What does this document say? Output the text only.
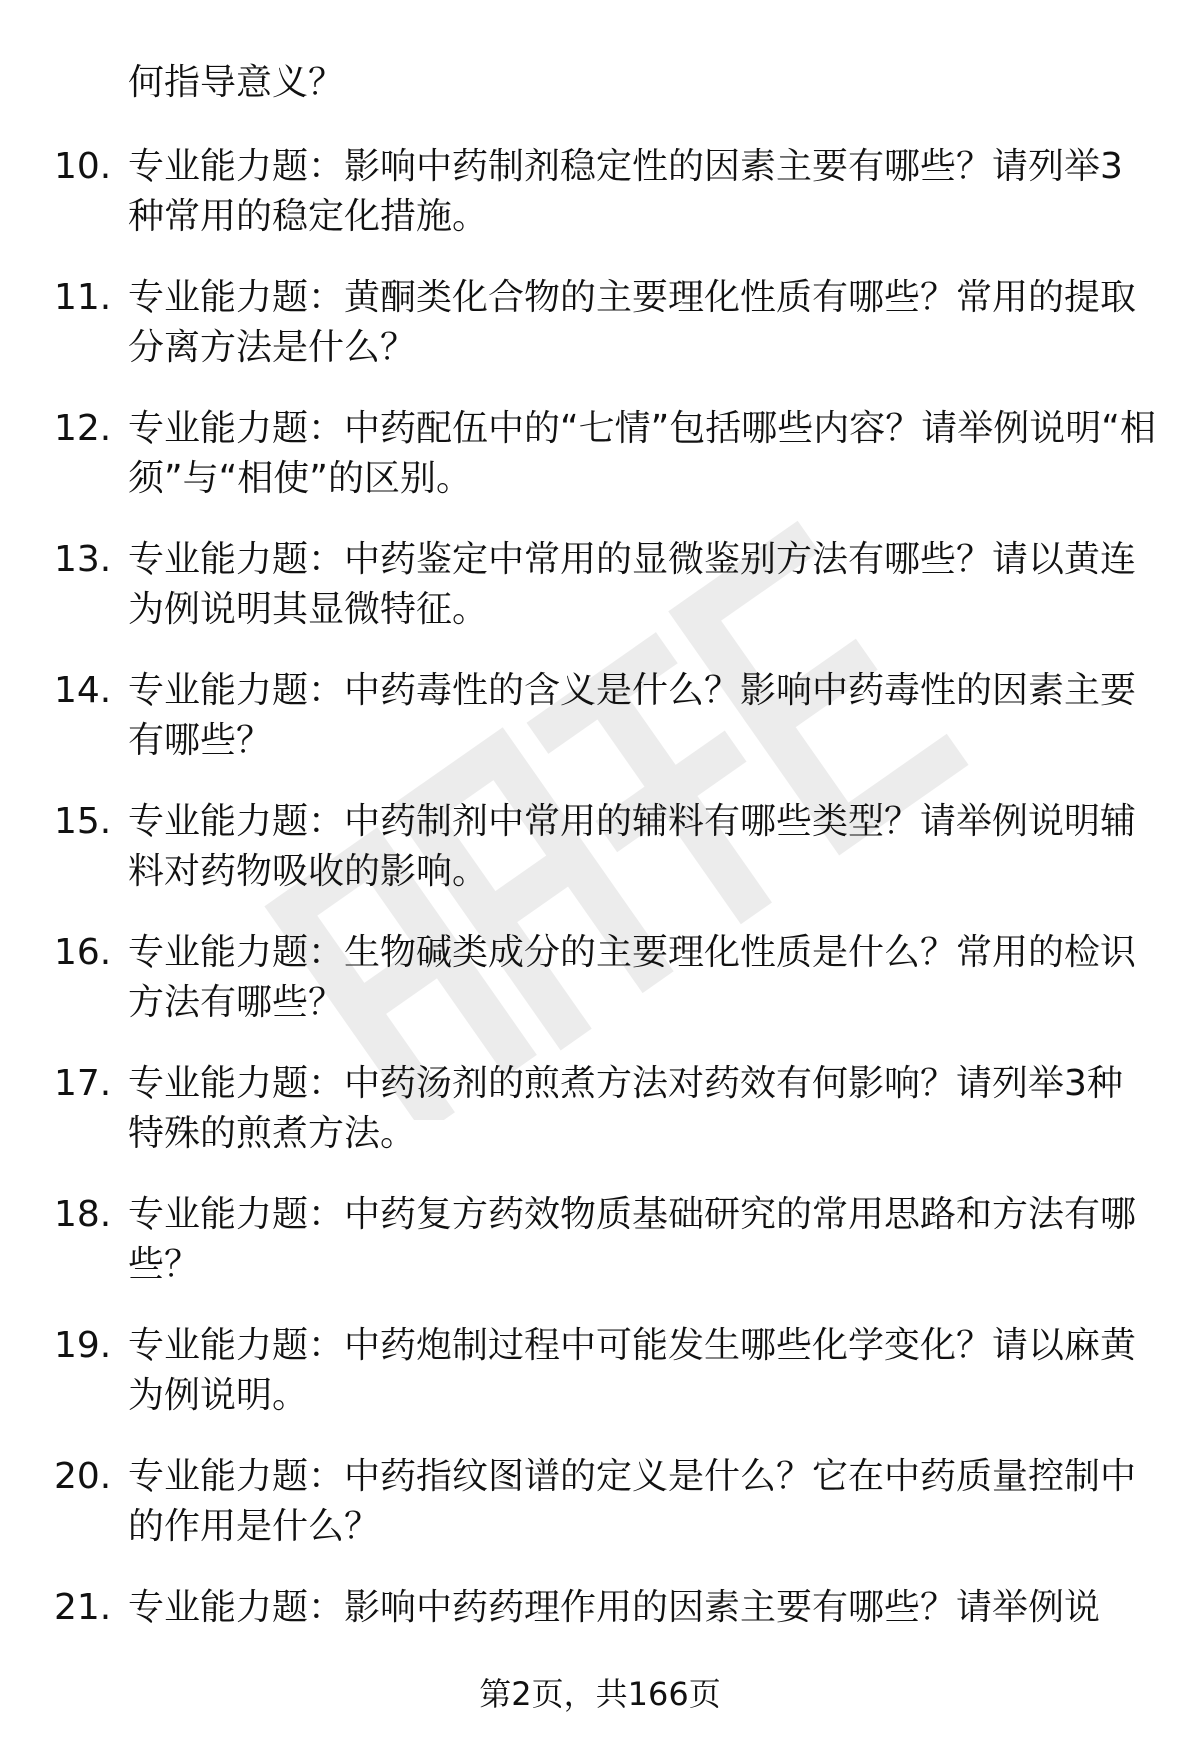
何指导意义？
10. 专业能力题：影响中药制剂稳定性的因素主要有哪些？请列举3种常用的稳定化措施。
11. 专业能力题：黄酮类化合物的主要理化性质有哪些？常用的提取分离方法是什么？
12. 专业能力题：中药配伍中的“七情”包括哪些内容？请举例说明“相须”与“相使”的区别。
13. 专业能力题：中药鉴定中常用的显微鉴别方法有哪些？请以黄连为例说明其显微特征。
14. 专业能力题：中药毒性的含义是什么？影响中药毒性的因素主要有哪些？
15. 专业能力题：中药制剂中常用的辅料有哪些类型？请举例说明辅料对药物吸收的影响。
16. 专业能力题：生物碱类成分的主要理化性质是什么？常用的检识方法有哪些？
17. 专业能力题：中药汤剂的煎煮方法对药效有何影响？请列举3种特殊的煎煮方法。
18. 专业能力题：中药复方药效物质基础研究的常用思路和方法有哪些？
19. 专业能力题：中药炮制过程中可能发生哪些化学变化？请以麻黄为例说明。
20. 专业能力题：中药指纹图谱的定义是什么？它在中药质量控制中的作用是什么？
21. 专业能力题：影响中药药理作用的因素主要有哪些？请举例说
第2页，共166页
